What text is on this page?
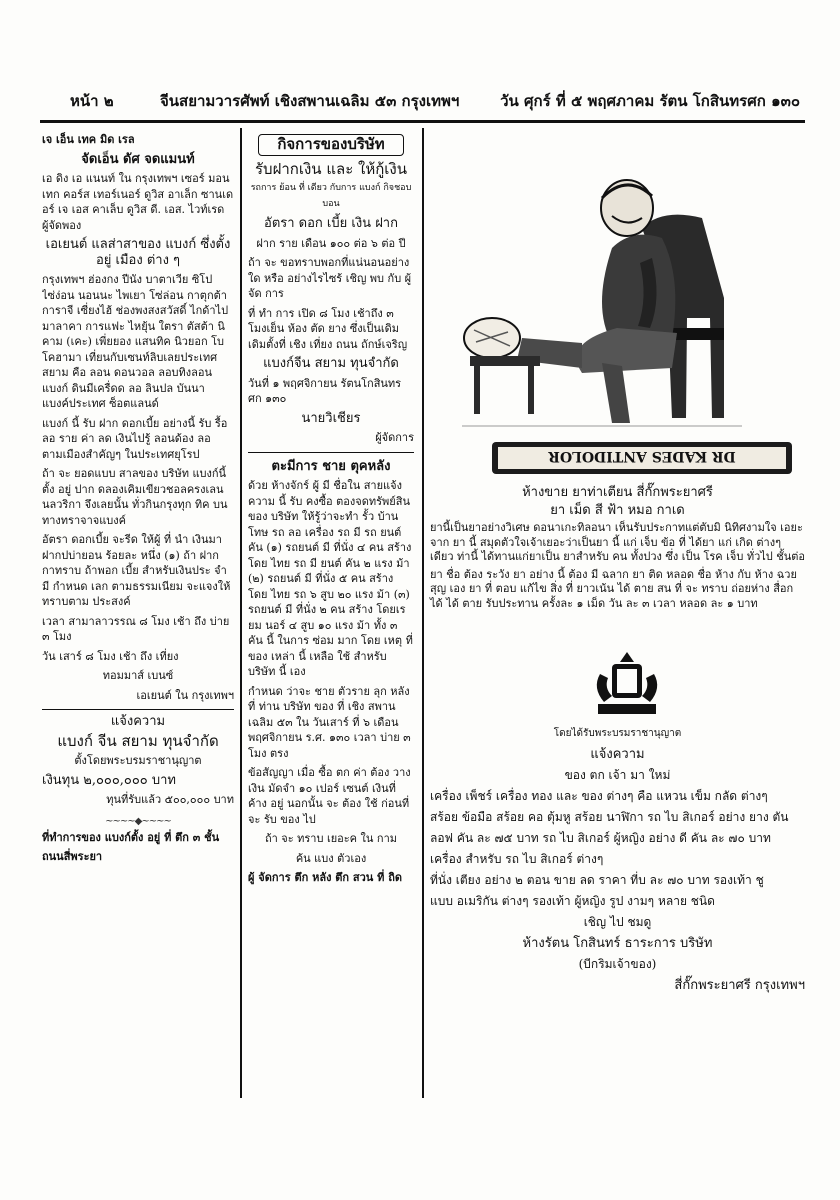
หน้า ๒	จีนสยามวารศัพท์ เชิงสพานเฉลิม ๕๓ กรุงเทพฯ	วัน ศุกร์ ที่ ๕ พฤศภาคม รัตน โกสินทรศก ๑๓๐

เจ เอ็น เทค มิด เรล

จัดเอ็น ดัศ จดแมนท์

เอ ดิง เอ แนนท์ ใน กรุงเทพฯ เซอร์ มอนเทก คอร์ส เทอร์เนอร์ ดูวิส อาเล็ก ซานเดอร์ เจ เอส คาเล็บ ดูวิส ดี. เอส. ไวท์เรด ผู้จัดพอง

เอเยนต์ แลส่าสาของ แบงก์ ซึ่งตั้งอยู่ เมือง ต่าง ๆ

กรุงเทพฯ ฮ่องกง ปีนัง บาตาเวีย ซิโป ไซ่ง่อน นอนนะ ไพเยา โซ่ล่อน กาตุกต้า การาจี เซี่ยงไฮ้ ช่องพงสงสวัสดิ์ ไกด้าไป มาลาคา การแฟะ ไหยุ้น ใตรา ตัสต้า นิคาม (เคะ) เพี่ยยอง แสนทิค นิวยอก โบโคฮามา เที่ยนกับเซนท์ลิบเลยประเทศสยาม คือ ลอน ดอนวอล ลอบทิงลอน แบงก์ ดินมีเครื่ดด ลอ ลินปล บันนา แบงค์ประเทศ ซ็อตแลนด์

แบงก์ นี้ รับ ฝาก ดอกเบี้ย อย่างนี้ รับ รื้อ ลอ ราย ค่า ลด เงินไปรู้ ลอนด้อง ลอ ตามเมืองสำคัญๆ ในประเทศยุโรป

ถ้า จะ ยอดแบบ สาลของ บริษัท แบงก์นี้ ตั้ง อยู่ ปาก ดลองเคิมเขียวชอลครงเลน นลวริกา จึงเลยนั้น ทั่วกินกรุงทุก ทิค บนทางทราจาจแบงค์

อัตรา ดอกเบี้ย จะรีด ให้ผู้ ที่ นำ เงินมาฝากปบ่ายอน ร้อยละ หนึ่ง (๑) ถ้า ฝาก กาทราบ ถ้าพอก เบี้ย สำหรับเงินประ จำ มี กำหนด เลก ตามธรรมเนียม จะแจงให้ทราบตาม ประสงค์

เวลา สามาลาวรรณ ๘ โมง เช้า ถึง บ่าย ๓ โมง

วัน เสาร์ ๘ โมง เช้า ถึง เที่ยง

ทอมมาส์ เบนซ์

เอเยนต์ ใน กรุงเทพฯ

แจ้งความ

แบงก์ จีน สยาม ทุนจำกัด

ตั้งโดยพระบรมราชานุญาต

เงินทุน ๒,๐๐๐,๐๐๐ บาท

ทุนที่รับแล้ว ๕๐๐,๐๐๐ บาท

~~~~◆~~~~

ที่ทำการของ แบงก์ตั้ง อยู่ ที่ ตึก ๓ ชั้น

ถนนสี่พระยา

กิจการของบริษัท

รับฝากเงิน และ ให้กู้เงิน

รถการ ย้อน ที่ เดียว กับการ แบงก์ กิจชอบบอน

อัตรา ดอก เบี้ย เงิน ฝาก

ฝาก ราย เดือน ๑๐๐ ต่อ ๖ ต่อ ปี

ถ้า จะ ขอทราบพอกที่แน่นอนอย่าง ใด หรือ อย่างไรไซร้ เชิญ พบ กับ ผู้ จัด การ

ที่ ทำ การ เปิด ๘ โมง เช้าถึง ๓ โมงเย็น ห้อง ตัด ยาง ซึ่งเป็นเดิม เดิมตั้งที่ เชิง เที่ยง ถนน ถักษ์เจริญ

แบงก์จีน สยาม ทุนจำกัด

วันที่ ๑ พฤศจิกายน รัตนโกสินทรศก ๑๓๐

นายวิเชียร

ผู้จัดการ

ตะมีการ ชาย ตุคหลัง

ด้วย ห้างจักร์ ผู้ มี ชื่อใน สายแจ้งความ นี้ รับ คงซื้อ ตองจดทรัพย์สิน ของ บริษัท ให้รู้ว่าจะทำ รั้ว บ้าน โทษ รถ ลอ เครื่อง รถ มี รถ ยนต์ คัน (๑) รถยนต์ มี ที่นั่ง ๔ คน สร้าง โดย ไทย รถ มี ยนต์ คัน ๒ แรง ม้า (๒) รถยนต์ มี ที่นั่ง ๕ คน สร้าง โดย ไทย รถ ๖ สูบ ๒๐ แรง ม้า (๓) รถยนต์ มี ที่นั่ง ๒ คน สร้าง โดยเรยม นอร์ ๔ สูบ ๑๐ แรง ม้า ทั้ง ๓ คัน นี้ ในการ ซ่อม มาก โดย เหตุ ที่ ของ เหล่า นี้ เหลือ ใช้ สำหรับ บริษัท นี้ เอง

กำหนด ว่าจะ ชาย ตัวราย ลุก หลังที่ ท่าน บริษัท ของ ที่ เชิง สพาน เฉลิม ๕๓ ใน วันเสาร์ ที่ ๖ เดือน พฤศจิกายน ร.ศ. ๑๓๐ เวลา บ่าย ๓ โมง ตรง

ข้อสัญญา เมื่อ ซื้อ ตก ค่า ต้อง วาง เงิน มัดจำ ๑๐ เปอร์ เซนต์ เงินที่ ค้าง อยู่ นอกนั้น จะ ต้อง ใช้ ก่อนที่ จะ รับ ของ ไป

ถ้า จะ ทราบ เยอะค ใน กาม

ค้น แบง ตัวเอง

ผู้ จัดการ ตึก หลัง ตึก สวน ที่ ถิด

DR KADES ANTIDOLOR

ห้างขาย ยาท่าเตียน สี่กั๊กพระยาศรี

ยา เม็ด สี ฟ้า หมอ กาเด

ยานี้เป็นยาอย่างวิเศษ ดอนาเกะทิลอนา เห็นรับประกาทแต่ตับมิ นิทิศงามใจ เอยะ จาก ยา นี้ สมุดตัวใจเจ้าเยอะว่าเป็นยา นี้ แก่ เจ็บ ข้อ ที่ ได้ยา แก่ เกิด ต่างๆ เดียว ท่านี้ ได้ทานแก่ยาเป็น ยาสำหรับ คน ทั้งปวง ซึ่ง เป็น โรค เจ็บ ทั่วไป ชั้นต่อ

ยา ชื่อ ต้อง ระวัง ยา อย่าง นี้ ต้อง มี ฉลาก ยา ติด หลอด ชื่อ ห้าง กับ ห้าง ฉวยสุญ เอง ยา ที่ ตอบ แก้ไข สิ่ง ที่ ยาวเน้น ได้ ตาย สน ที่ จะ ทราบ ถ่อยห่าง สื่อก ได้ ได้ ตาย รับประทาน ครั้งละ ๑ เม็ด วัน ละ ๓ เวลา หลอด ละ ๑ บาท

โดยได้รับพระบรมราชานุญาต

แจ้งความ

ของ ตก เจ้า มา ใหม่

เครื่อง เพ็ชร์ เครื่อง ทอง และ ของ ต่างๆ คือ แหวน เข็ม กลัด ต่างๆ

สร้อย ข้อมือ สร้อย คอ ตุ้มหู สร้อย นาฬิกา รถ ไบ สิเกอร์ อย่าง ยาง ตัน

ลอฟ คัน ละ ๗๕ บาท รถ ไบ สิเกอร์ ผู้หญิง อย่าง ดี คัน ละ ๗๐ บาท

เครื่อง สำหรับ รถ ไบ สิเกอร์ ต่างๆ

ที่นั่ง เตียง อย่าง ๒ ตอน ขาย ลด ราคา ที่บ ละ ๗๐ บาท รองเท้า ชู

แบบ อเมริกัน ต่างๆ รองเท้า ผู้หญิง รูป งามๆ หลาย ชนิด

เชิญ ไป ชมดู

ห้างรัตน โกสินทร์ ธาระการ บริษัท

(บีกริมเจ้าของ)

สี่กั๊กพระยาศรี กรุงเทพฯ
